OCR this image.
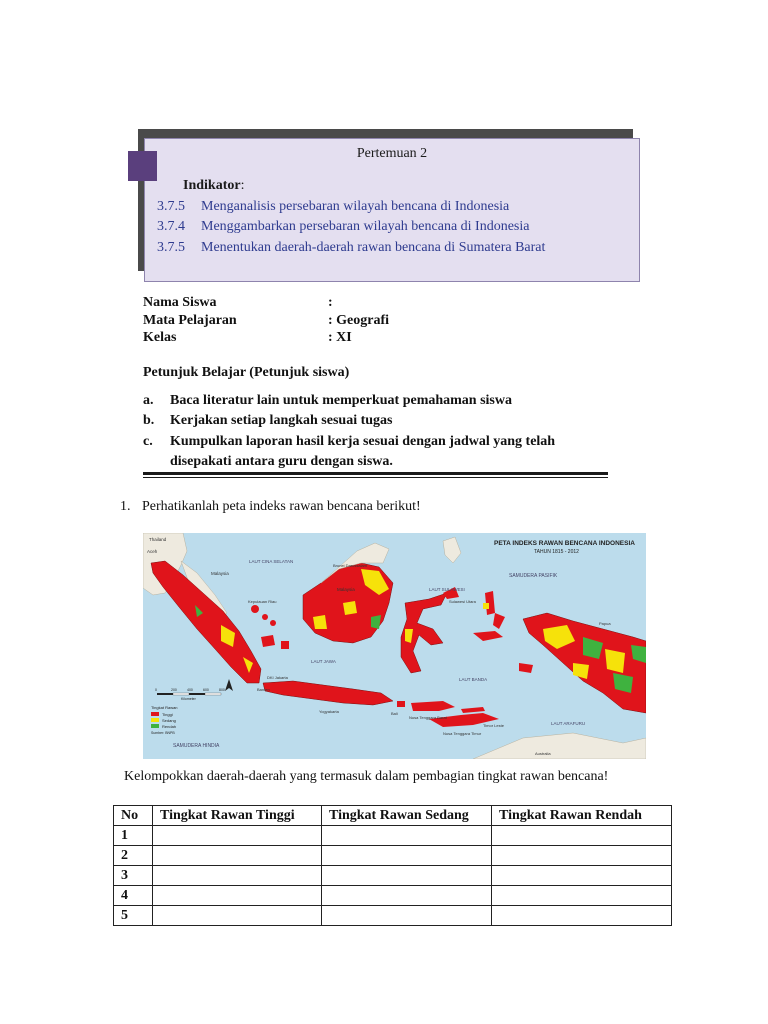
Pertemuan 2
Indikator:
3.7.5 Menganalisis persebaran wilayah bencana di Indonesia
3.7.4 Menggambarkan persebaran wilayah bencana di Indonesia
3.7.5 Menentukan daerah-daerah rawan bencana di Sumatera Barat
Nama Siswa	:
Mata Pelajaran	: Geografi
Kelas	: XI
Petunjuk Belajar (Petunjuk siswa)
a. Baca literatur lain untuk memperkuat pemahaman siswa
b. Kerjakan setiap langkah sesuai tugas
c. Kumpulkan laporan hasil kerja sesuai dengan jadwal yang telah
disepakati antara guru dengan siswa.
1. Perhatikanlah peta indeks rawan bencana berikut!
PETA INDEKS RAWAN BENCANA INDONESIA
TAHUN 1815 - 2012
Thailand
LAUT CINA SELATAN
Brunei Darussalam
Malaysia
Malaysia
SAMUDERA PASIFIK
Aceh
Kepulauan Riau
LAUT SULAWESI
Sulawesi Utara
LAUT JAWA
DKI Jakarta
Banten
LAUT BANDA
SAMUDERA HINDIA
LAUT ARAFURU
Australia
Timor Leste
Papua
Yogyakarta	Bali
Nusa Tenggara Barat
Nusa Tenggara Timur
0	200	400	600	800
Kilometer
Tingkat Rawan
Tinggi
Sedang
Rendah
Sumber: BNPB
Kelompokkan daerah-daerah yang termasuk dalam pembagian tingkat rawan bencana!
No	Tingkat Rawan Tinggi	Tingkat Rawan Sedang	Tingkat Rawan Rendah
1			
2			
3			
4			
5			
